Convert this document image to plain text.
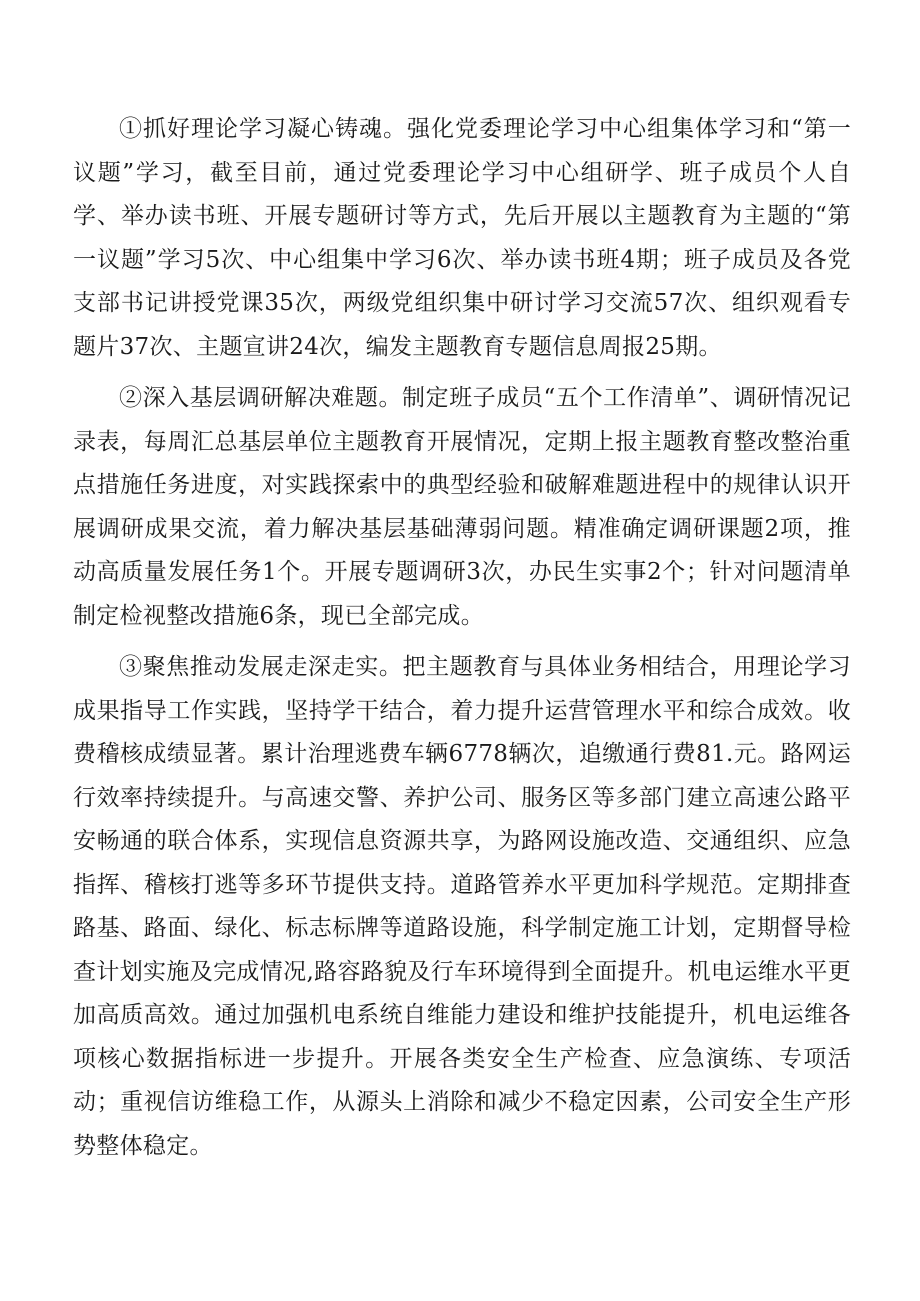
①抓好理论学习凝心铸魂。强化党委理论学习中心组集体学习和“第一议题”学习，截至目前，通过党委理论学习中心组研学、班子成员个人自学、举办读书班、开展专题研讨等方式，先后开展以主题教育为主题的“第一议题”学习5次、中心组集中学习6次、举办读书班4期；班子成员及各党支部书记讲授党课35次，两级党组织集中研讨学习交流57次、组织观看专题片37次、主题宣讲24次，编发主题教育专题信息周报25期。

②深入基层调研解决难题。制定班子成员“五个工作清单”、调研情况记录表，每周汇总基层单位主题教育开展情况，定期上报主题教育整改整治重点措施任务进度，对实践探索中的典型经验和破解难题进程中的规律认识开展调研成果交流，着力解决基层基础薄弱问题。精准确定调研课题2项，推动高质量发展任务1个。开展专题调研3次，办民生实事2个；针对问题清单制定检视整改措施6条，现已全部完成。

③聚焦推动发展走深走实。把主题教育与具体业务相结合，用理论学习成果指导工作实践，坚持学干结合，着力提升运营管理水平和综合成效。收费稽核成绩显著。累计治理逃费车辆6778辆次，追缴通行费81.元。路网运行效率持续提升。与高速交警、养护公司、服务区等多部门建立高速公路平安畅通的联合体系，实现信息资源共享，为路网设施改造、交通组织、应急指挥、稽核打逃等多环节提供支持。道路管养水平更加科学规范。定期排查路基、路面、绿化、标志标牌等道路设施，科学制定施工计划，定期督导检查计划实施及完成情况,路容路貌及行车环境得到全面提升。机电运维水平更加高质高效。通过加强机电系统自维能力建设和维护技能提升，机电运维各项核心数据指标进一步提升。开展各类安全生产检查、应急演练、专项活动；重视信访维稳工作，从源头上消除和减少不稳定因素，公司安全生产形势整体稳定。
